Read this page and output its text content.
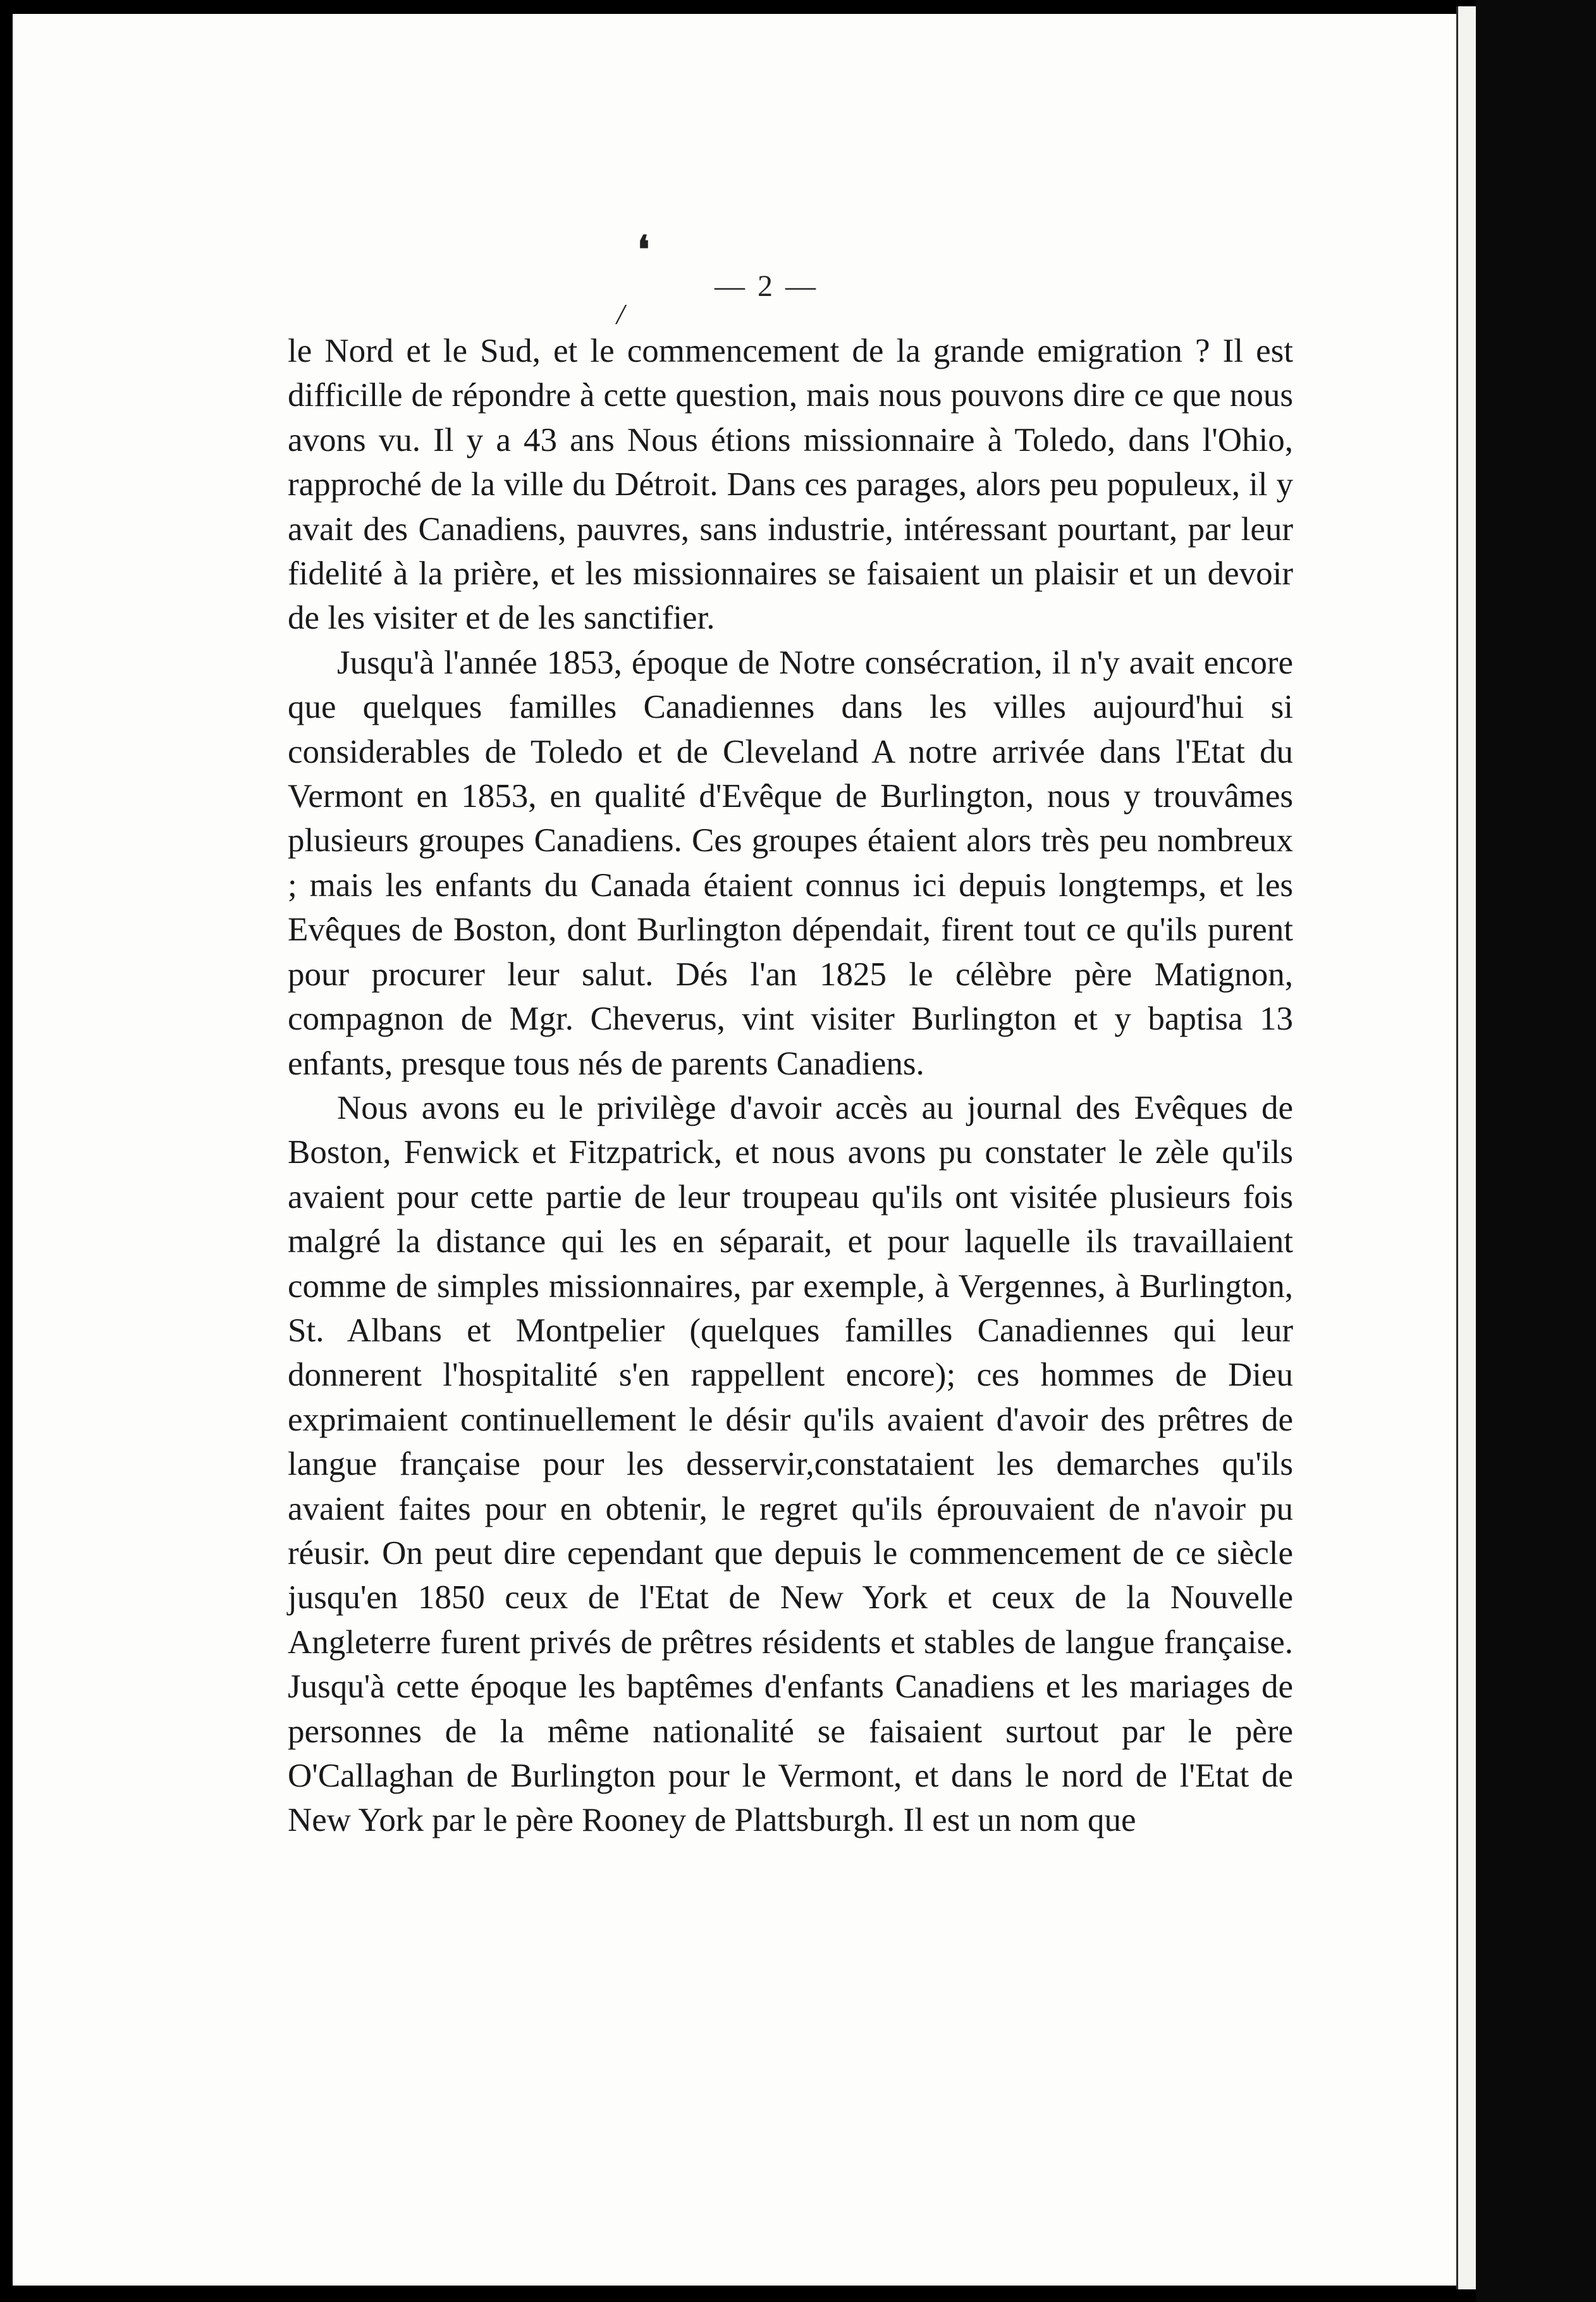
❛
/
— 2 —

le Nord et le Sud, et le commencement de la grande emigration ? Il est difficille de répondre à cette question, mais nous pouvons dire ce que nous avons vu. Il y a 43 ans Nous étions missionnaire à Toledo, dans l'Ohio, rapproché de la ville du Détroit. Dans ces parages, alors peu populeux, il y avait des Canadiens, pauvres, sans industrie, intéressant pourtant, par leur fidelité à la prière, et les missionnaires se faisaient un plaisir et un devoir de les visiter et de les sanctifier.

Jusqu'à l'année 1853, époque de Notre consécration, il n'y avait encore que quelques familles Canadiennes dans les villes aujourd'hui si considerables de Toledo et de Cleveland A notre arrivée dans l'Etat du Vermont en 1853, en qualité d'Evêque de Burlington, nous y trouvâmes plusieurs groupes Canadiens. Ces groupes étaient alors très peu nombreux ; mais les enfants du Canada étaient connus ici depuis longtemps, et les Evêques de Boston, dont Burlington dépendait, firent tout ce qu'ils purent pour procurer leur salut. Dés l'an 1825 le célèbre père Matignon, compagnon de Mgr. Cheverus, vint visiter Burlington et y baptisa 13 enfants, presque tous nés de parents Canadiens.

Nous avons eu le privilège d'avoir accès au journal des Evêques de Boston, Fenwick et Fitzpatrick, et nous avons pu constater le zèle qu'ils avaient pour cette partie de leur troupeau qu'ils ont visitée plusieurs fois malgré la distance qui les en séparait, et pour laquelle ils travaillaient comme de simples missionnaires, par exemple, à Vergennes, à Burlington, St. Albans et Montpelier (quelques familles Canadiennes qui leur donnerent l'hospitalité s'en rappellent encore); ces hommes de Dieu exprimaient continuellement le désir qu'ils avaient d'avoir des prêtres de langue française pour les desservir,constataient les demarches qu'ils avaient faites pour en obtenir, le regret qu'ils éprouvaient de n'avoir pu réusir. On peut dire cependant que depuis le commencement de ce siècle jusqu'en 1850 ceux de l'Etat de New York et ceux de la Nouvelle Angleterre furent privés de prêtres résidents et stables de langue française. Jusqu'à cette époque les baptêmes d'enfants Canadiens et les mariages de personnes de la même nationalité se faisaient surtout par le père O'Callaghan de Burlington pour le Vermont, et dans le nord de l'Etat de New York par le père Rooney de Plattsburgh. Il est un nom que
